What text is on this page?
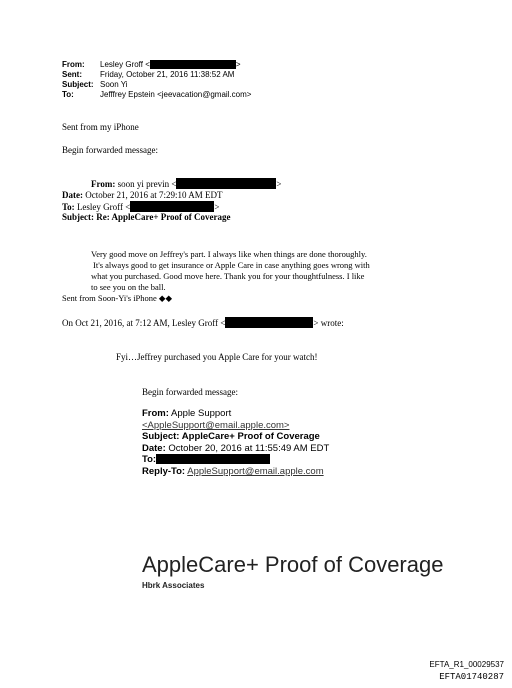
From: Lesley Groff <	>
Sent: Friday, October 21, 2016 11:38:52 AM
Subject: Soon Yi
To:	Jefffrey Epstein <jeevacation@gmail.com>
Sent from my iPhone
Begin forwarded message:
From: soon yi previn <	>
Date: October 21, 2016 at 7:29:10 AM EDT
To: Lesley Groff <	>
Subject: Re: AppleCare+ Proof of Coverage
Very good move on Jeffrey's part. I always like when things are done thoroughly.
It's always good to get insurance or Apple Care in case anything goes wrong with
what you purchased. Good move here. Thank you for your thoughtfulness. I like
to see you on the ball.
Sent from Soon-Yi's iPhone ◆◆
On Oct 21, 2016, at 7:12 AM, Lesley Groff <	> wrote:
Fyi…Jeffrey purchased you Apple Care for your watch!
Begin forwarded message:
From: Apple Support
<AppleSupport@email.apple.com>
Subject: AppleCare+ Proof of Coverage
Date: October 20, 2016 at 11:55:49 AM EDT
To:
Reply-To: AppleSupport@email.apple.com
AppleCare+ Proof of Coverage
Hbrk Associates
EFTA_R1_00029537
EFTA01740287
